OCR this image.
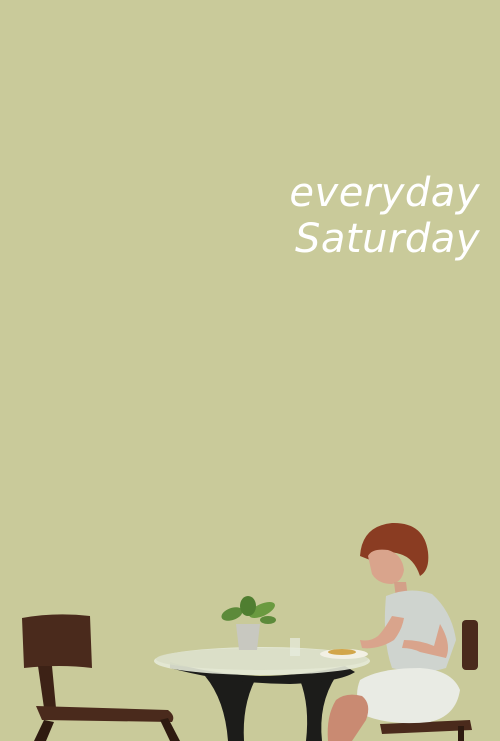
everyday
Saturday
